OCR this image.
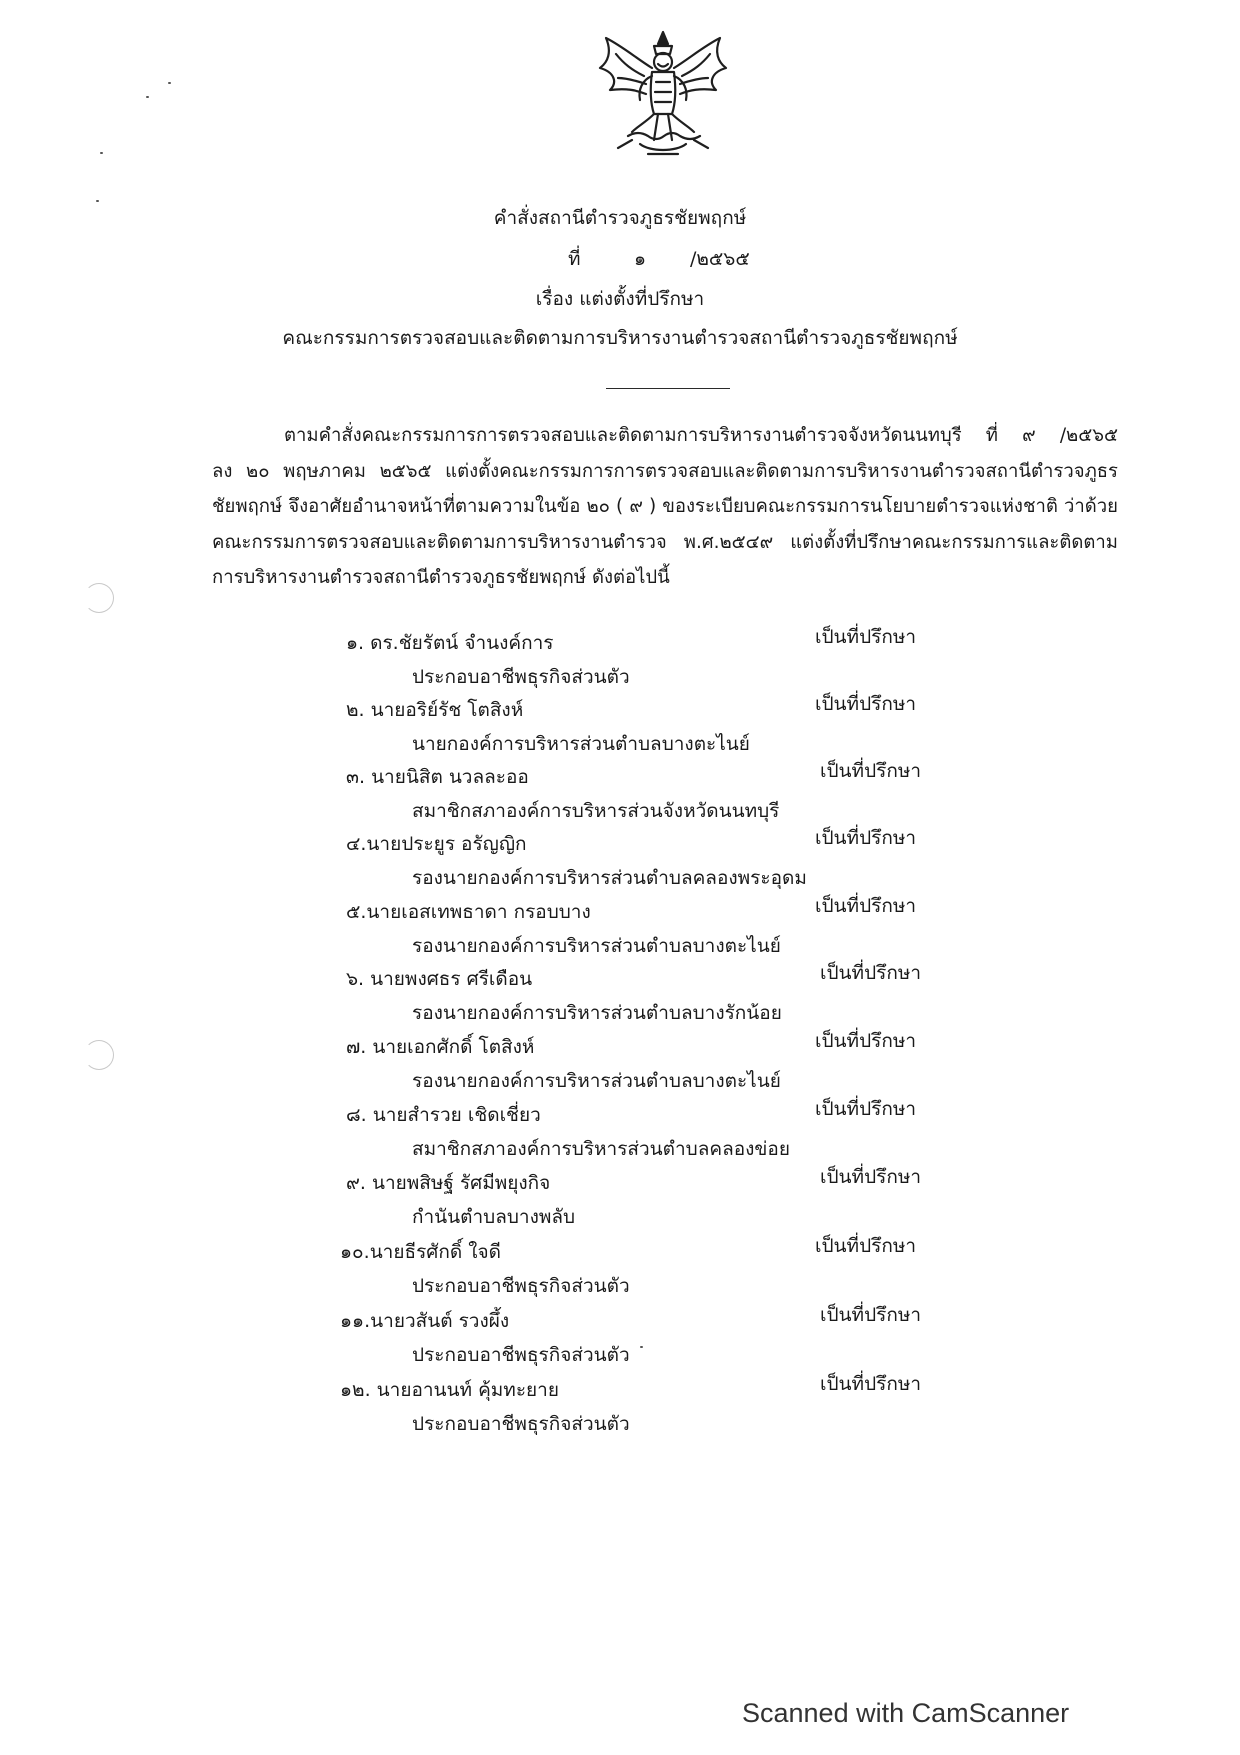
คำสั่งสถานีตำรวจภูธรชัยพฤกษ์
ที่	๑ /๒๕๖๕
เรื่อง แต่งตั้งที่ปรึกษา
คณะกรรมการตรวจสอบและติดตามการบริหารงานตำรวจสถานีตำรวจภูธรชัยพฤกษ์

ตามคำสั่งคณะกรรมการการตรวจสอบและติดตามการบริหารงานตำรวจจังหวัดนนทบุรี ที่ ๙ /๒๕๖๕

ลง ๒๐ พฤษภาคม ๒๕๖๕ แต่งตั้งคณะกรรมการการตรวจสอบและติดตามการบริหารงานตำรวจสถานีตำรวจภูธร

ชัยพฤกษ์ จึงอาศัยอำนาจหน้าที่ตามความในข้อ ๒๐ ( ๙ ) ของระเบียบคณะกรรมการนโยบายตำรวจแห่งชาติ ว่าด้วย

คณะกรรมการตรวจสอบและติดตามการบริหารงานตำรวจ พ.ศ.๒๕๔๙ แต่งตั้งที่ปรึกษาคณะกรรมการและติดตาม

การบริหารงานตำรวจสถานีตำรวจภูธรชัยพฤกษ์ ดังต่อไปนี้

๑. ดร.ชัยรัตน์ จำนงค์การ	เป็นที่ปรึกษา
ประกอบอาชีพธุรกิจส่วนตัว
๒. นายอริย์รัช โตสิงห์	เป็นที่ปรึกษา
นายกองค์การบริหารส่วนตำบลบางตะไนย์
๓. นายนิสิต นวลละออ	เป็นที่ปรึกษา
สมาชิกสภาองค์การบริหารส่วนจังหวัดนนทบุรี
๔.นายประยูร อรัญญิก	เป็นที่ปรึกษา
รองนายกองค์การบริหารส่วนตำบลคลองพระอุดม
๕.นายเอสเทพธาดา กรอบบาง	เป็นที่ปรึกษา
รองนายกองค์การบริหารส่วนตำบลบางตะไนย์
๖. นายพงศธร ศรีเดือน	เป็นที่ปรึกษา
รองนายกองค์การบริหารส่วนตำบลบางรักน้อย
๗. นายเอกศักดิ์ โตสิงห์	เป็นที่ปรึกษา
รองนายกองค์การบริหารส่วนตำบลบางตะไนย์
๘. นายสำรวย เชิดเชี่ยว	เป็นที่ปรึกษา
สมาชิกสภาองค์การบริหารส่วนตำบลคลองข่อย
๙. นายพสิษฐ์ รัศมีพยุงกิจ	เป็นที่ปรึกษา
กำนันตำบลบางพลับ
๑๐.นายธีรศักดิ์ ใจดี	เป็นที่ปรึกษา
ประกอบอาชีพธุรกิจส่วนตัว
๑๑.นายวสันต์ รวงผึ้ง	เป็นที่ปรึกษา
ประกอบอาชีพธุรกิจส่วนตัว
๑๒. นายอานนท์ คุ้มทะยาย	เป็นที่ปรึกษา
ประกอบอาชีพธุรกิจส่วนตัว
Scanned with CamScanner
